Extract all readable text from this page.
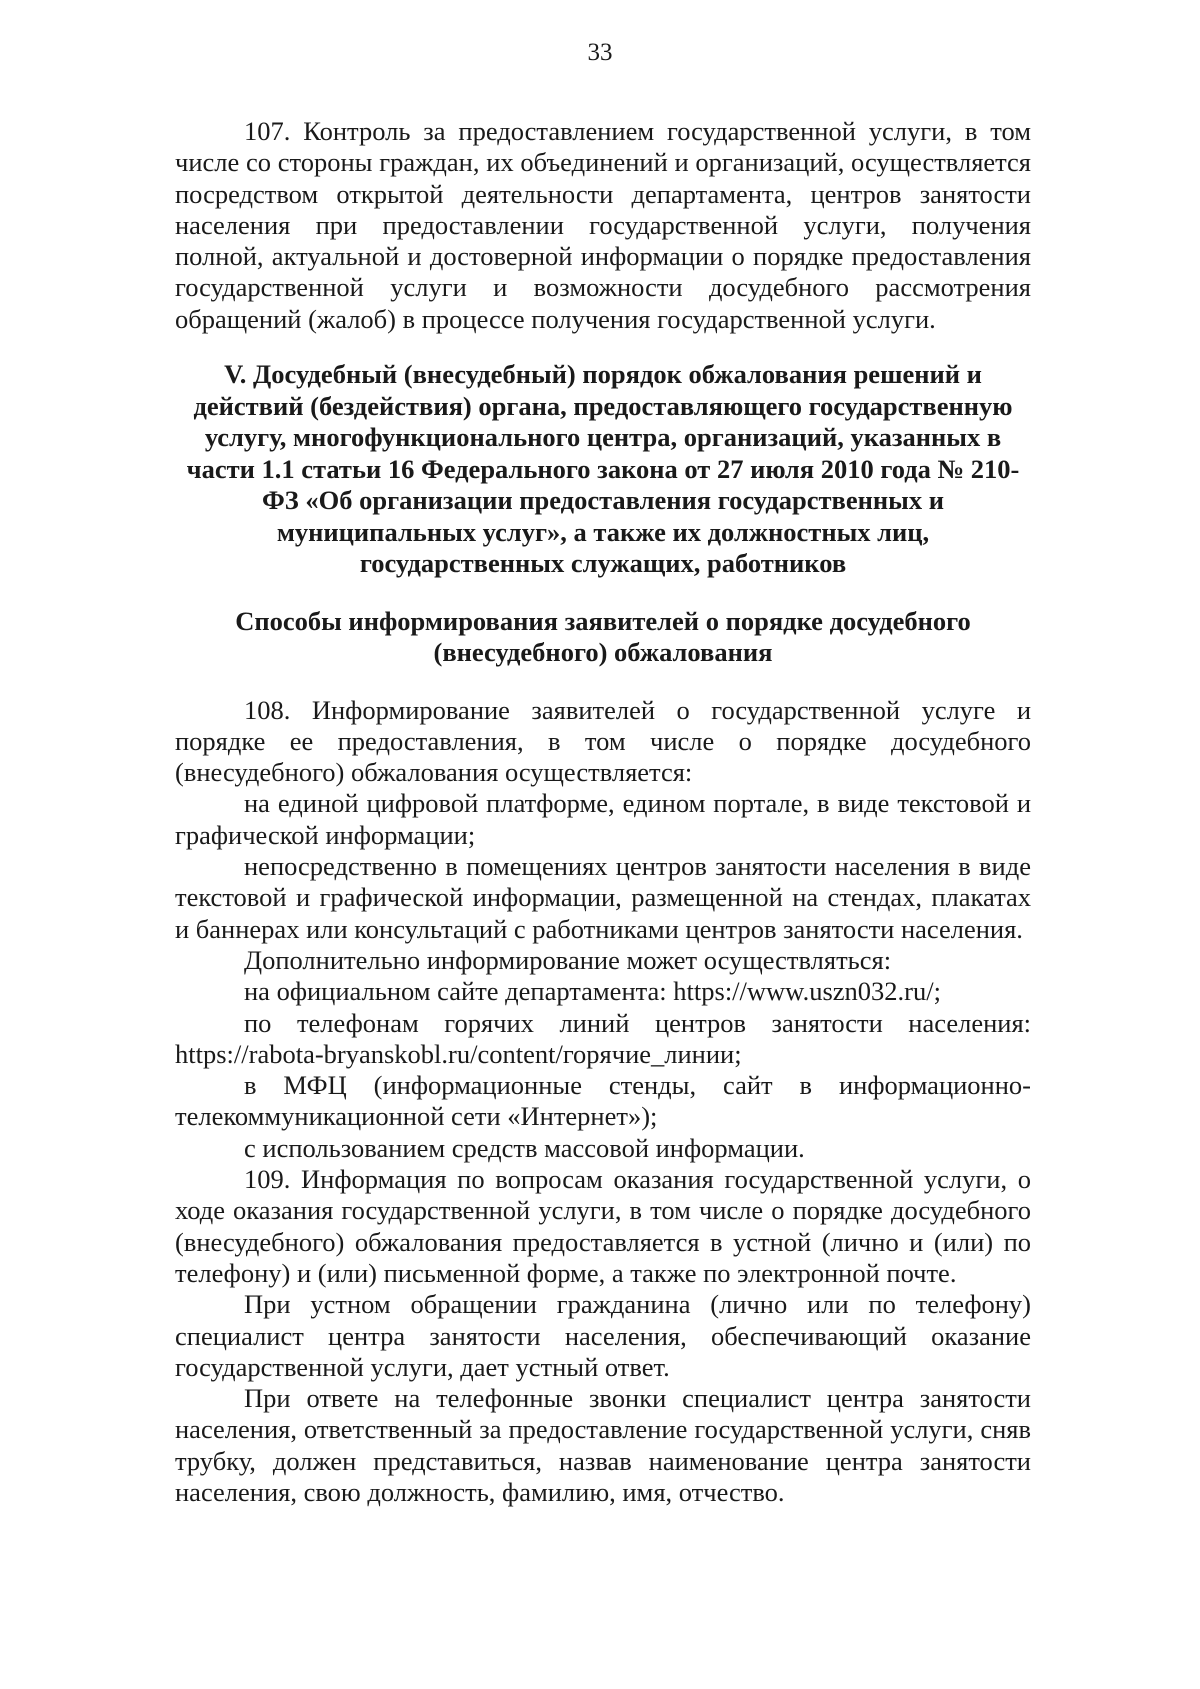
33

107. Контроль за предоставлением государственной услуги, в том числе со стороны граждан, их объединений и организаций, осуществляется посредством открытой деятельности департамента, центров занятости населения при предоставлении государственной услуги, получения полной, актуальной и достоверной информации о порядке предоставления государственной услуги и возможности досудебного рассмотрения обращений (жалоб) в процессе получения государственной услуги.

V. Досудебный (внесудебный) порядок обжалования решений и действий (бездействия) органа, предоставляющего государственную услугу, многофункционального центра, организаций, указанных в части 1.1 статьи 16 Федерального закона от 27 июля 2010 года № 210-ФЗ «Об организации предоставления государственных и муниципальных услуг», а также их должностных лиц, государственных служащих, работников
Способы информирования заявителей о порядке досудебного (внесудебного) обжалования

108. Информирование заявителей о государственной услуге и порядке ее предоставления, в том числе о порядке досудебного (внесудебного) обжалования осуществляется:

на единой цифровой платформе, едином портале, в виде текстовой и графической информации;

непосредственно в помещениях центров занятости населения в виде текстовой и графической информации, размещенной на стендах, плакатах и баннерах или консультаций с работниками центров занятости населения.

Дополнительно информирование может осуществляться:

на официальном сайте департамента: https://www.uszn032.ru/;

по телефонам горячих линий центров занятости населения: https://rabota-bryanskobl.ru/content/горячие_линии;

в МФЦ (информационные стенды, сайт в информационно-телекоммуникационной сети «Интернет»);

с использованием средств массовой информации.

109. Информация по вопросам оказания государственной услуги, о ходе оказания государственной услуги, в том числе о порядке досудебного (внесудебного) обжалования предоставляется в устной (лично и (или) по телефону) и (или) письменной форме, а также по электронной почте.

При устном обращении гражданина (лично или по телефону) специалист центра занятости населения, обеспечивающий оказание государственной услуги, дает устный ответ.

При ответе на телефонные звонки специалист центра занятости населения, ответственный за предоставление государственной услуги, сняв трубку, должен представиться, назвав наименование центра занятости населения, свою должность, фамилию, имя, отчество.
